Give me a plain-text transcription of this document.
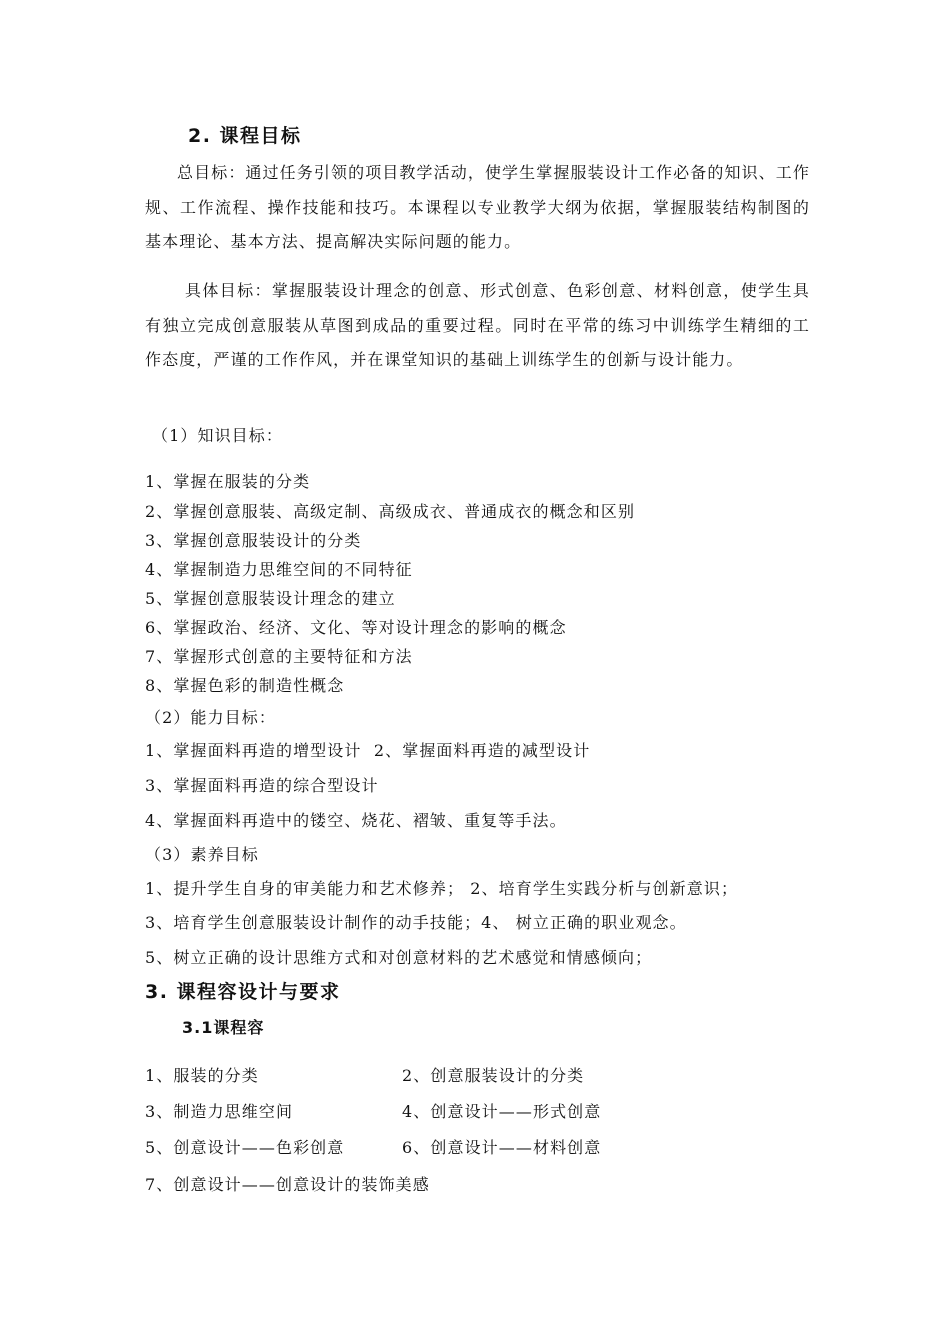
2. 课程目标
总目标：通过任务引领的项目教学活动，使学生掌握服装设计工作必备的知识、工作规、工作流程、操作技能和技巧。本课程以专业教学大纲为依据，掌握服装结构制图的基本理论、基本方法、提高解决实际问题的能力。
具体目标：掌握服装设计理念的创意、形式创意、色彩创意、材料创意，使学生具有独立完成创意服装从草图到成品的重要过程。同时在平常的练习中训练学生精细的工作态度，严谨的工作作风，并在课堂知识的基础上训练学生的创新与设计能力。
（1）知识目标：
1、掌握在服装的分类
2、掌握创意服装、高级定制、高级成衣、普通成衣的概念和区别
3、掌握创意服装设计的分类
4、掌握制造力思维空间的不同特征
5、掌握创意服装设计理念的建立
6、掌握政治、经济、文化、等对设计理念的影响的概念
7、掌握形式创意的主要特征和方法
8、掌握色彩的制造性概念
（2）能力目标：
1、掌握面料再造的增型设计  2、掌握面料再造的减型设计
3、掌握面料再造的综合型设计
4、掌握面料再造中的镂空、烧花、褶皱、重复等手法。
（3）素养目标
1、提升学生自身的审美能力和艺术修养； 2、培育学生实践分析与创新意识；
3、培育学生创意服装设计制作的动手技能；4、 树立正确的职业观念。
5、树立正确的设计思维方式和对创意材料的艺术感觉和情感倾向；
3. 课程容设计与要求
3.1课程容
1、服装的分类	2、创意服装设计的分类
3、制造力思维空间	4、创意设计——形式创意
5、创意设计——色彩创意	6、创意设计——材料创意
7、创意设计——创意设计的装饰美感
